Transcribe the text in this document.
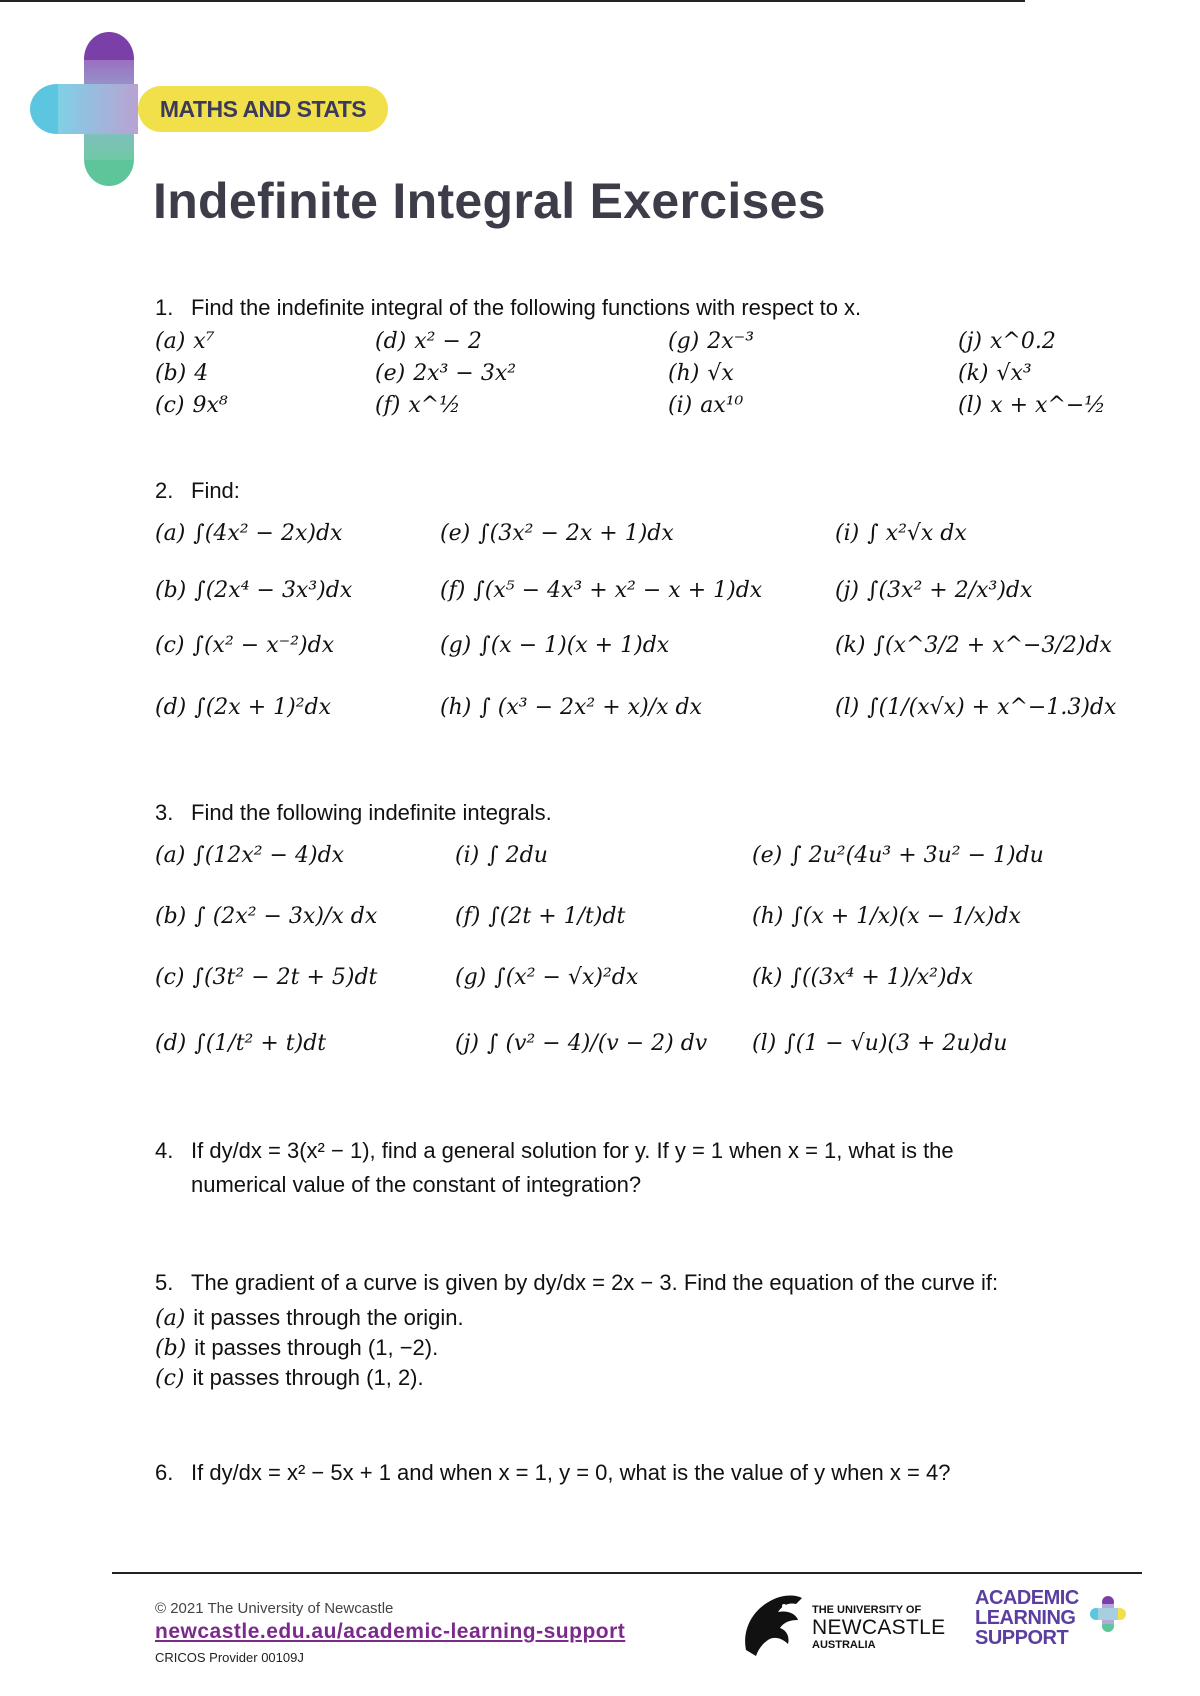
MATHS AND STATS
Indefinite Integral Exercises
1. Find the indefinite integral of the following functions with respect to x.
(a) x⁷
(b) 4
(c) 9x⁸
(d) x² − 2
(e) 2x³ − 3x²
(f) x^½
(g) 2x⁻³
(h) √x
(i) ax¹⁰
(j) x^0.2
(k) √x³
(l) x + x^−½
2. Find:
(a) ∫(4x² − 2x)dx
(b) ∫(2x⁴ − 3x³)dx
(c) ∫(x² − x⁻²)dx
(d) ∫(2x + 1)²dx
(e) ∫(3x² − 2x + 1)dx
(f) ∫(x⁵ − 4x³ + x² − x + 1)dx
(g) ∫(x − 1)(x + 1)dx
(h) ∫ (x³ − 2x² + x)/x dx
(i) ∫ x²√x dx
(j) ∫(3x² + 2/x³)dx
(k) ∫(x^3/2 + x^−3/2)dx
(l) ∫(1/(x√x) + x^−1.3)dx
3. Find the following indefinite integrals.
(a) ∫(12x² − 4)dx
(b) ∫ (2x² − 3x)/x dx
(c) ∫(3t² − 2t + 5)dt
(d) ∫(1/t² + t)dt
(i) ∫ 2du
(f) ∫(2t + 1/t)dt
(g) ∫(x² − √x)²dx
(j) ∫ (v² − 4)/(v − 2) dv
(e) ∫ 2u²(4u³ + 3u² − 1)du
(h) ∫(x + 1/x)(x − 1/x)dx
(k) ∫((3x⁴ + 1)/x²)dx
(l) ∫(1 − √u)(3 + 2u)du
4. If dy/dx = 3(x² − 1), find a general solution for y. If y = 1 when x = 1, what is the
numerical value of the constant of integration?
5. The gradient of a curve is given by dy/dx = 2x − 3. Find the equation of the curve if:
(a) it passes through the origin.
(b) it passes through (1, −2).
(c) it passes through (1, 2).
6. If dy/dx = x² − 5x + 1 and when x = 1, y = 0, what is the value of y when x = 4?
© 2021 The University of Newcastle
newcastle.edu.au/academic-learning-support
CRICOS Provider 00109J
THE UNIVERSITY OF
NEWCASTLE
AUSTRALIA
ACADEMIC
LEARNING
SUPPORT
